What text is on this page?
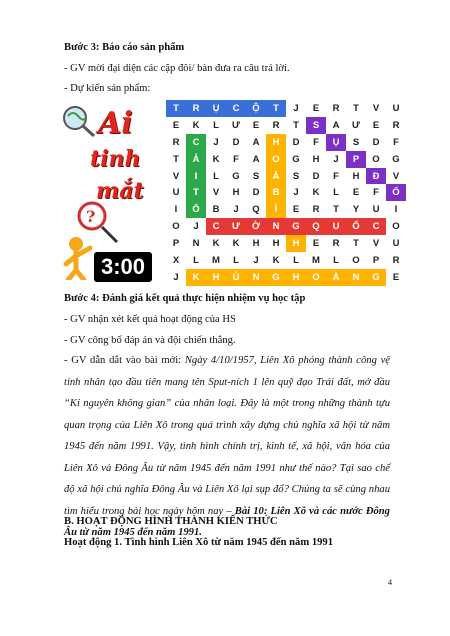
Bước 3: Báo cáo sản phẩm
- GV mời đại diện các cặp đôi/ bàn đưa ra câu trả lời.
- Dự kiến sản phẩm:
Ai
tinh
mắt
?
3:00
T	R	Ụ	C	Ộ	T	J	E	R	T	V	U
E	K	L	Ư	E	R	T	S	A	Ư	E	R
R	C	J	D	A	H	D	F	Ụ	S	D	F
T	Ả	K	F	A	O	G	H	J	P	O	G
V	I	L	G	S	À	S	D	F	H	Đ	V
U	T	V	H	D	B	J	K	L	E	F	Ổ
I	Ổ	B	J	Q	Ì	E	R	T	Y	U	I
O	J	C	Ư	Ờ	N	G	Q	U	Ố	C	O
P	N	K	K	H	H	H	E	R	T	V	U
X	L	M	L	J	K	L	M	L	O	P	R
J	K	H	Ủ	N	G	H	O	À	N	G	E
Bước 4: Đánh giá kết quả thực hiện nhiệm vụ học tập
- GV nhận xét kết quả hoạt động của HS
- GV công bố đáp án và đội chiến thắng.
- GV dẫn dắt vào bài mới: Ngày 4/10/1957, Liên Xô phóng thành công vệ tinh nhân tạo đầu tiên mang tên Sput-ních 1 lên quỹ đạo Trái đất, mở đầu “Kỉ nguyên không gian” của nhân loại. Đây là một trong những thành tựu quan trọng của Liên Xô trong quá trình xây dựng chủ nghĩa xã hội từ năm 1945 đến năm 1991. Vậy, tình hình chính trị, kinh tế, xã hội, văn hóa của Liên Xô và Đông Âu từ năm 1945 đến năm 1991 như thế nào? Tại sao chế độ xã hội chủ nghĩa Đông Âu và Liên Xô lại sụp đổ? Chúng ta sẽ cùng nhau tìm hiểu trong bài học ngày hôm nay – Bài 10: Liên Xô và các nước Đông Âu từ năm 1945 đến năm 1991.
B. HOẠT ĐỘNG HÌNH THÀNH KIẾN THỨC
Hoạt động 1. Tình hình Liên Xô từ năm 1945 đến năm 1991
4
